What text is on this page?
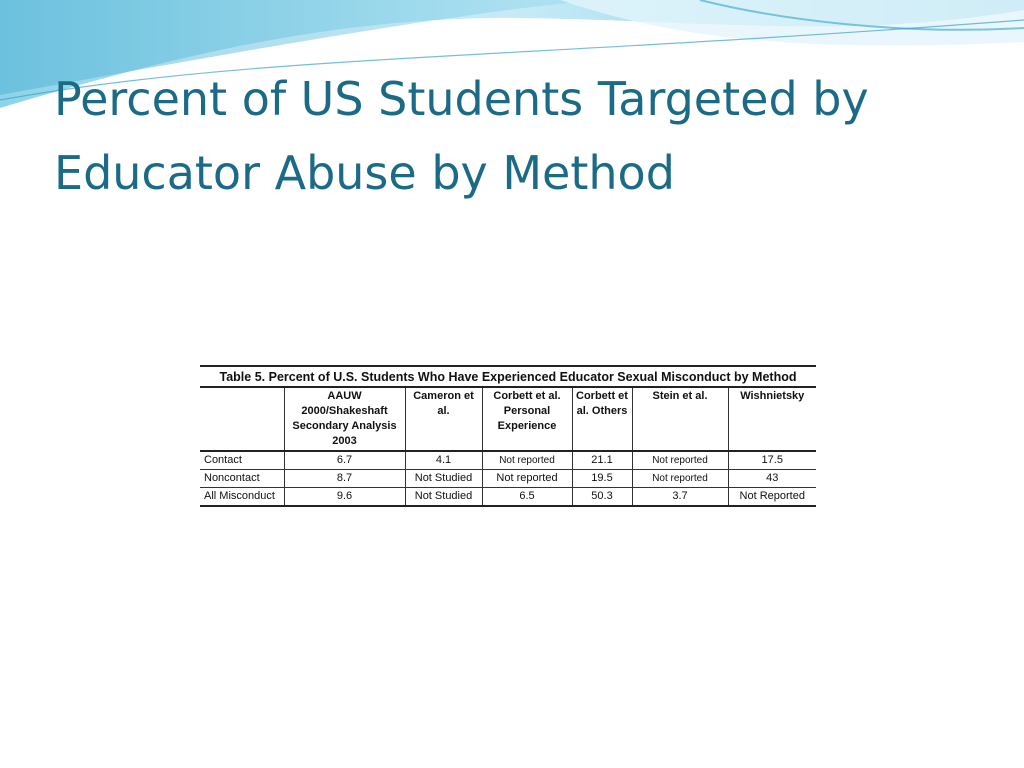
Percent of US Students Targeted by Educator Abuse by Method
Table 5. Percent of U.S. Students Who Have Experienced Educator Sexual Misconduct by Method						
	AAUW 2000/Shakeshaft Secondary Analysis 2003	Cameron et al.	Corbett et al. Personal Experience	Corbett et al. Others	Stein et al.	Wishnietsky
Contact	6.7	4.1	Not reported	21.1	Not reported	17.5
Noncontact	8.7	Not Studied	Not reported	19.5	Not reported	43
All Misconduct	9.6	Not Studied	6.5	50.3	3.7	Not Reported
